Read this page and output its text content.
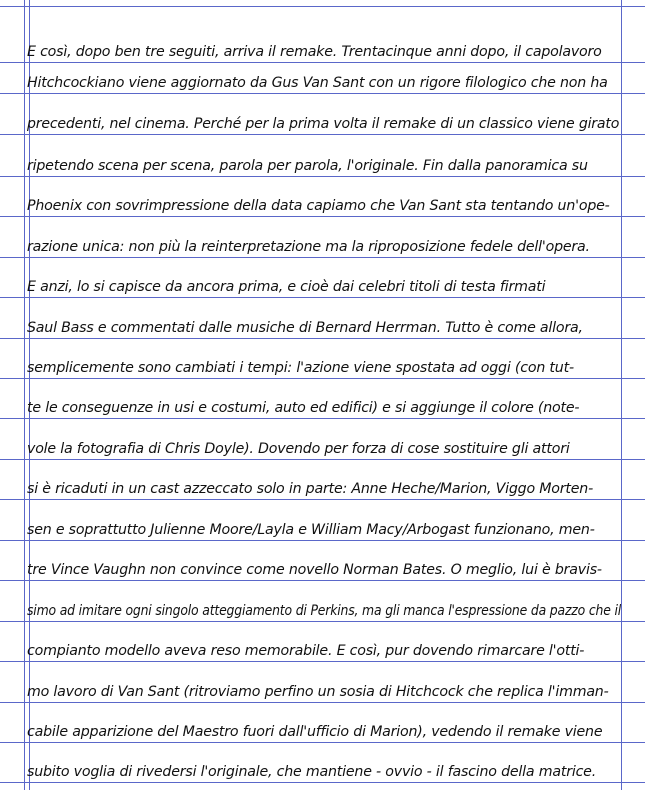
E così, dopo ben tre seguiti, arriva il remake. Trentacinque anni dopo, il capolavoro
Hitchcockiano viene aggiornato da Gus Van Sant con un rigore filologico che non ha
precedenti, nel cinema. Perché per la prima volta il remake di un classico viene girato
ripetendo scena per scena, parola per parola, l'originale. Fin dalla panoramica su
Phoenix con sovrimpressione della data capiamo che Van Sant sta tentando un'ope-
razione unica: non più la reinterpretazione ma la riproposizione fedele dell'opera.
E anzi, lo si capisce da ancora prima, e cioè dai celebri titoli di testa firmati
Saul Bass e commentati dalle musiche di Bernard Herrman. Tutto è come allora,
semplicemente sono cambiati i tempi: l'azione viene spostata ad oggi (con tut-
te le conseguenze in usi e costumi, auto ed edifici) e si aggiunge il colore (note-
vole la fotografia di Chris Doyle). Dovendo per forza di cose sostituire gli attori
si è ricaduti in un cast azzeccato solo in parte: Anne Heche/Marion, Viggo Morten-
sen e soprattutto Julienne Moore/Layla e William Macy/Arbogast funzionano, men-
tre Vince Vaughn non convince come novello Norman Bates. O meglio, lui è bravis-
simo ad imitare ogni singolo atteggiamento di Perkins, ma gli manca l'espressione da pazzo che il
compianto modello aveva reso memorabile. E così, pur dovendo rimarcare l'otti-
mo lavoro di Van Sant (ritroviamo perfino un sosia di Hitchcock che replica l'imman-
cabile apparizione del Maestro fuori dall'ufficio di Marion), vedendo il remake viene
subito voglia di rivedersi l'originale, che mantiene - ovvio - il fascino della matrice.
